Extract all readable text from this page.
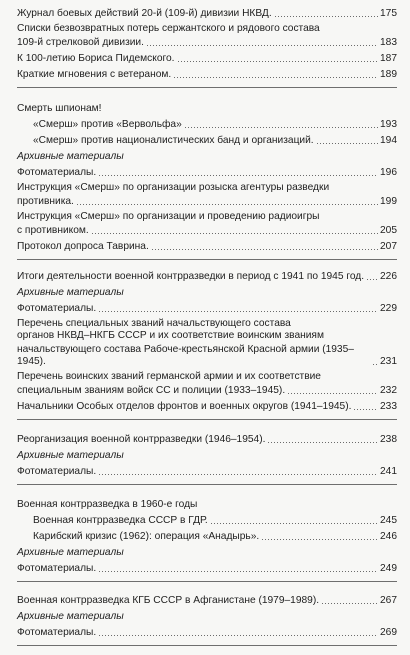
Журнал боевых действий 20-й (109-й) дивизии НКВД.	175
Списки безвозвратных потерь сержантского и рядового состава
109-й стрелковой дивизии.	183
К 100-летию Бориса Пидемского.	187
Краткие мгновения с ветераном.	189
Смерть шпионам!
«Смерш» против «Вервольфа»	193
«Смерш» против националистических банд и организаций.	194
Архивные материалы
Фотоматериалы.	196
Инструкция «Смерш» по организации розыска агентуры разведки
противника.	199
Инструкция «Смерш» по организации и проведению радиоигры
с противником.	205
Протокол допроса Таврина.	207
Итоги деятельности военной контрразведки в период с 1941 по 1945 год. 226
Архивные материалы
Фотоматериалы.	229
Перечень специальных званий начальствующего состава
органов НКВД–НКГБ СССР и их соответствие воинским званиям
начальствующего состава Рабоче-крестьянской Красной армии (1935–1945).	231
Перечень воинских званий германской армии и их соответствие
специальным званиям войск СС и полиции (1933–1945).	232
Начальники Особых отделов фронтов и военных округов (1941–1945).	233
Реорганизация военной контрразведки (1946–1954).	238
Архивные материалы
Фотоматериалы.	241
Военная контрразведка в 1960-е годы
Военная контрразведка СССР в ГДР.	245
Карибский кризис (1962): операция «Анадырь».	246
Архивные материалы
Фотоматериалы.	249
Военная контрразведка КГБ СССР в Афганистане (1979–1989).	267
Архивные материалы
Фотоматериалы.	269
